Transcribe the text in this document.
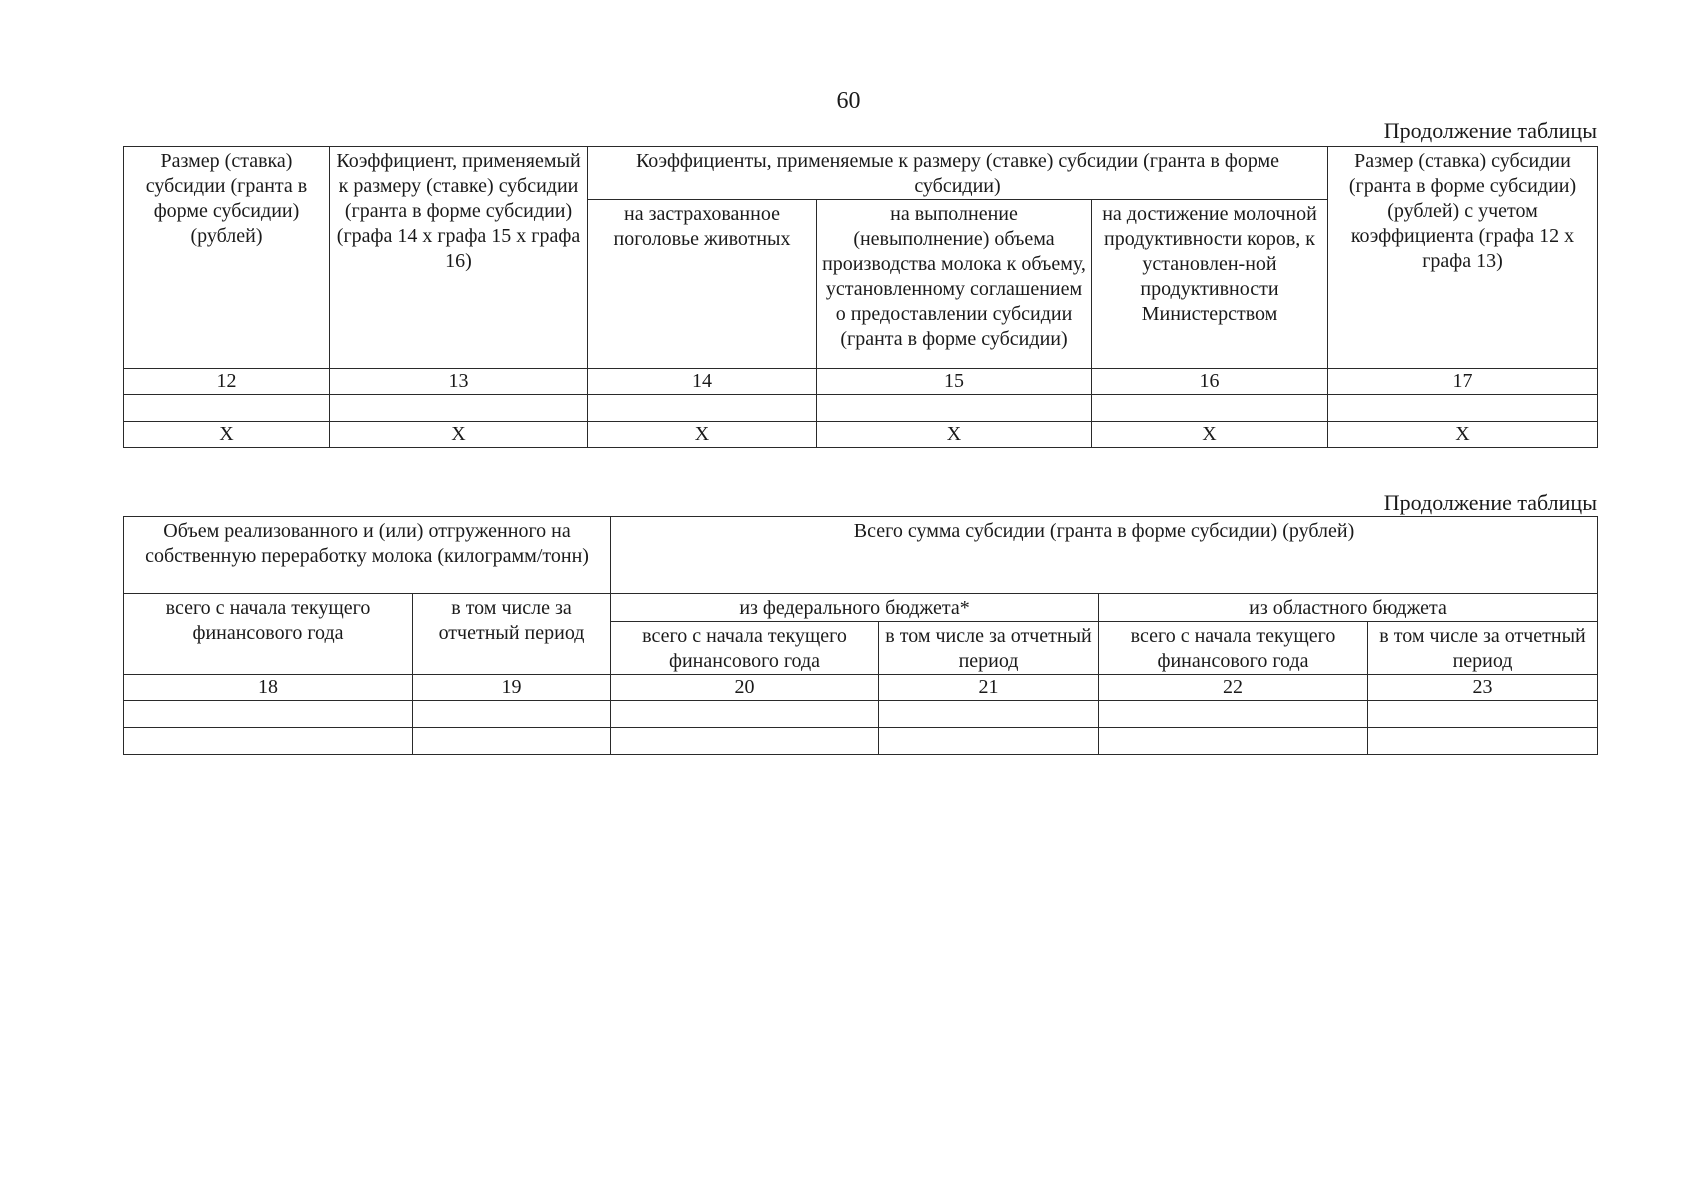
60
Продолжение таблицы
Размер (ставка) субсидии (гранта в форме субсидии)(рублей)	Коэффициент, применяемый к размеру (ставке) субсидии (гранта в форме субсидии) (графа 14 х графа 15 х графа 16)	Коэффициенты, применяемые к размеру (ставке) субсидии (гранта в форме субсидии)			Размер (ставка) субсидии (гранта в форме субсидии) (рублей) с учетом коэффициента (графа 12 х графа 13)
		на застрахованное поголовье животных	на выполнение (невыполнение) объема производства молока к объему, установленному соглашением о предоставлении субсидии (гранта в форме субсидии)	на достижение молочной продуктивности коров, к установлен-ной продуктивности Министерством	
12	13	14	15	16	17

Х	Х	Х	Х	Х	Х
Продолжение таблицы
Объем реализованного и (или) отгруженного на собственную переработку молока (килограмм/тонн)		Всего сумма субсидии (гранта в форме субсидии) (рублей)			
всего с начала текущего финансового года	в том числе за отчетный период	из федерального бюджета*		из областного бюджета	
		всего с начала текущего финансового года	в том числе за отчетный период	всего с начала текущего финансового года	в том числе за отчетный период
18	19	20	21	22	23
